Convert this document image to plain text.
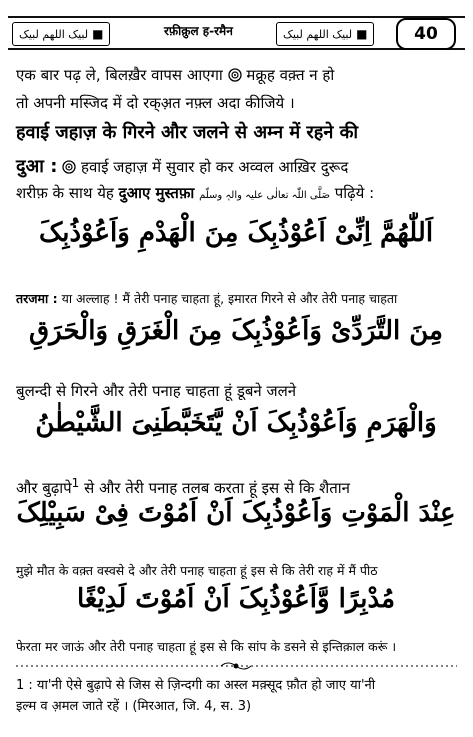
■
لبیک اللھم لبیک	रफ़ीक़ुल ह-रमैन	■
لبیک اللھم لبیک	40
एक बार पढ़ ले, बिलख़ैर वापस आएगा मक्रूह वक़्त न हो
तो अपनी मस्जिद में दो रक्अ़त नफ़्ल अदा कीजिये ।
हवाई जहाज़ के गिरने और जलने से अम्न में रहने की
दुआ : हवाई जहाज़ में सुवार हो कर अव्वल आख़िर दुरूद
शरीफ़ के साथ येह दुआए मुस्तफ़ा صَلَّی اللّٰہ تعالٰی علیہ والہٖ وسلّم पढ़िये :
اَللّٰھُمَّ اِنِّیْ اَعُوْذُبِکَ مِنَ الْھَدْمِ وَاَعُوْذُبِکَ
तरजमा : या अल्लाह ! मैं तेरी पनाह चाहता हूं, इमारत गिरने से और तेरी पनाह चाहता
مِنَ التَّرَدِّیْ وَاَعُوْذُبِکَ مِنَ الْغَرَقِ وَالْحَرَقِ
बुलन्दी से गिरने और तेरी पनाह चाहता हूं डूबने जलने
وَالْھَرَمِ وَاَعُوْذُبِکَ اَنْ یَّتَخَبَّطَنِیَ الشَّیْطٰنُ
और बुढ़ापे$^1$ से और तेरी पनाह तलब करता हूं इस से कि शैतान
عِنْدَ الْمَوْتِ وَاَعُوْذُبِکَ اَنْ اَمُوْتَ فِیْ سَبِیْلِکَ
मुझे मौत के वक़्त वस्वसे दे और तेरी पनाह चाहता हूं इस से कि तेरी राह में मैं पीठ
مُدْبِرًا وَّاَعُوْذُبِکَ اَنْ اَمُوْتَ لَدِیْغًا
फेरता मर जाऊं और तेरी पनाह चाहता हूं इस से कि सांप के डसने से इन्तिक़ाल करूं ।
1 : या'नी ऐसे बुढ़ापे से जिस से ज़िन्दगी का अस्ल मक़्सूद फ़ौत हो जाए या'नी
इल्म व अ़मल जाते रहें । (मिरआत, जि. 4, स. 3)
